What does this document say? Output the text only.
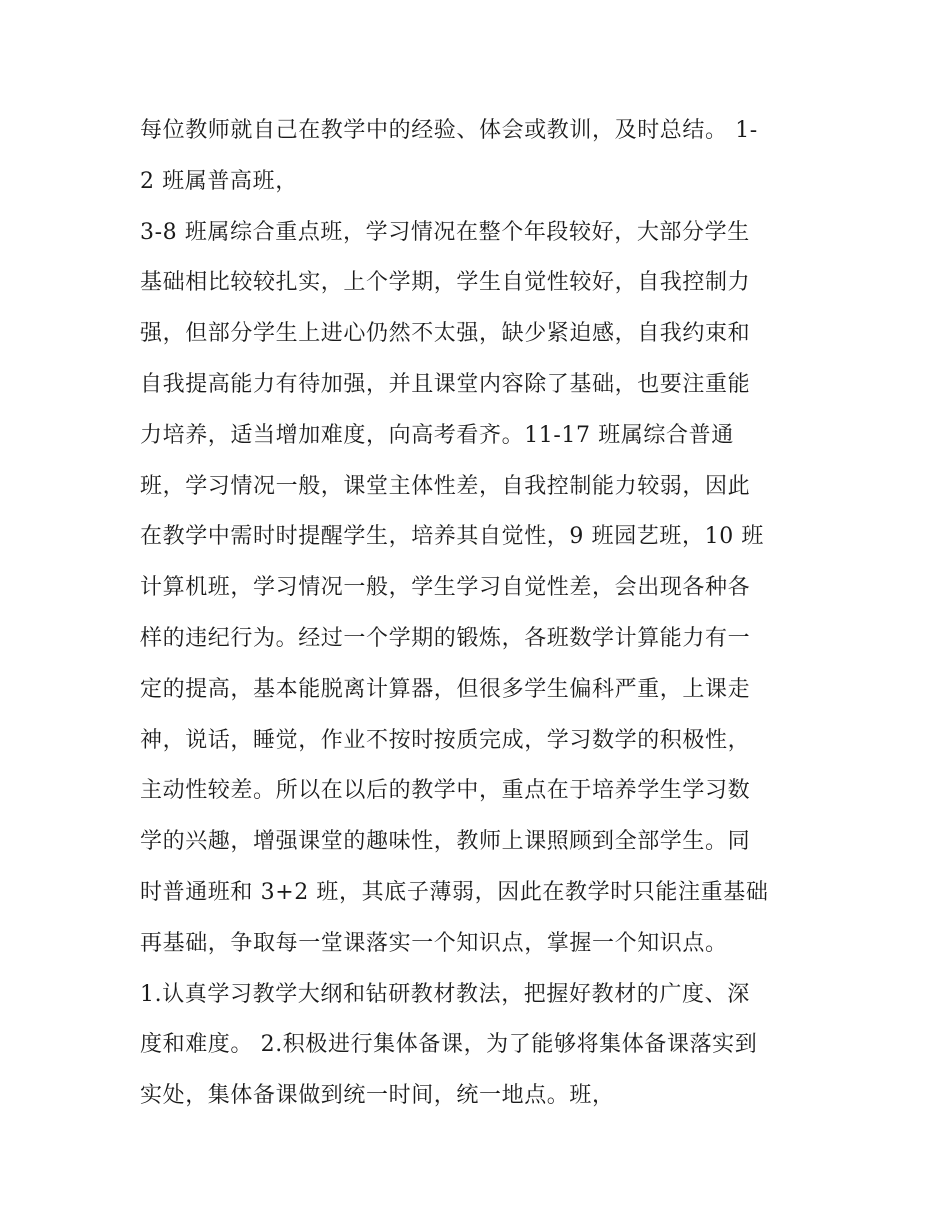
每位教师就自己在教学中的经验、体会或教训，及时总结。 1-
2 班属普高班，
3-8 班属综合重点班，学习情况在整个年段较好，大部分学生
基础相比较较扎实，上个学期，学生自觉性较好，自我控制力
强，但部分学生上进心仍然不太强，缺少紧迫感，自我约束和
自我提高能力有待加强，并且课堂内容除了基础，也要注重能
力培养，适当增加难度，向高考看齐。11-17 班属综合普通
班，学习情况一般，课堂主体性差，自我控制能力较弱，因此
在教学中需时时提醒学生，培养其自觉性，9 班园艺班，10 班
计算机班，学习情况一般，学生学习自觉性差，会出现各种各
样的违纪行为。经过一个学期的锻炼，各班数学计算能力有一
定的提高，基本能脱离计算器，但很多学生偏科严重，上课走
神，说话，睡觉，作业不按时按质完成，学习数学的积极性，
主动性较差。所以在以后的教学中，重点在于培养学生学习数
学的兴趣，增强课堂的趣味性，教师上课照顾到全部学生。同
时普通班和 3+2 班，其底子薄弱，因此在教学时只能注重基础
再基础，争取每一堂课落实一个知识点，掌握一个知识点。
1.认真学习教学大纲和钻研教材教法，把握好教材的广度、深
度和难度。 2.积极进行集体备课，为了能够将集体备课落实到
实处，集体备课做到统一时间，统一地点。班，
